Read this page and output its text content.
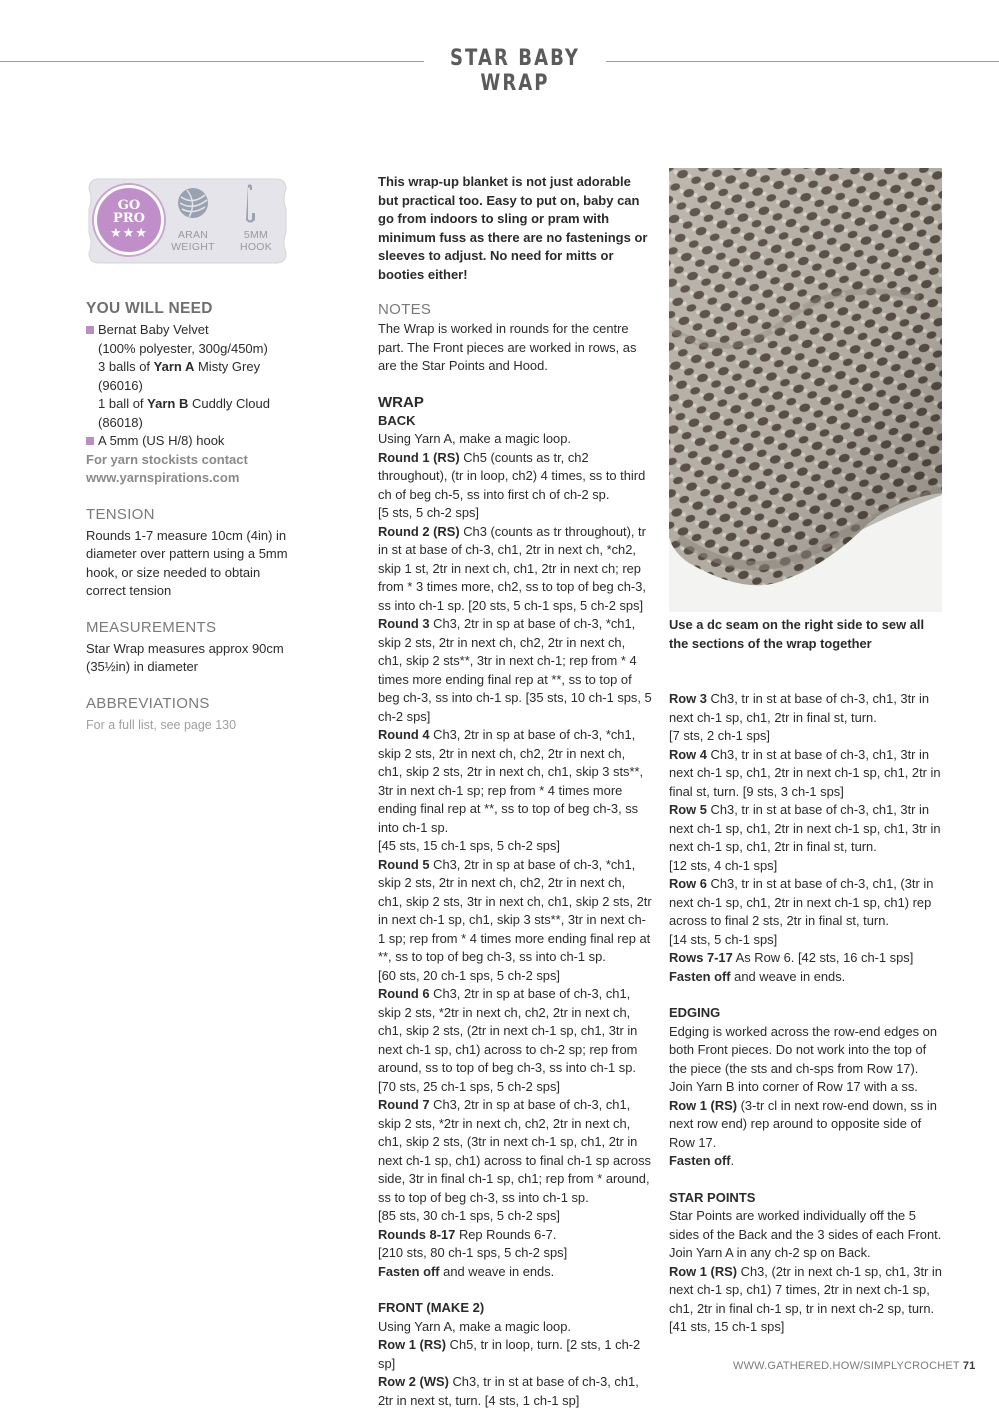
STAR BABY WRAP
GO
PRO
★★★	ARAN
WEIGHT
5MM
HOOK
YOU WILL NEED
Bernat Baby Velvet
(100% polyester, 300g/450m)
3 balls of Yarn A Misty Grey
(96016)
1 ball of Yarn B Cuddly Cloud
(86018)
A 5mm (US H/8) hook
For yarn stockists contact
www.yarnspirations.com
TENSION
Rounds 1-7 measure 10cm (4in) in diameter over pattern using a 5mm hook, or size needed to obtain correct tension
MEASUREMENTS
Star Wrap measures approx 90cm (35½in) in diameter
ABBREVIATIONS
For a full list, see page 130
This wrap-up blanket is not just adorable but practical too. Easy to put on, baby can go from indoors to sling or pram with minimum fuss as there are no fastenings or sleeves to adjust. No need for mitts or booties either!
NOTES
The Wrap is worked in rounds for the centre part. The Front pieces are worked in rows, as are the Star Points and Hood.
WRAP
BACK
Using Yarn A, make a magic loop.
Round 1 (RS) Ch5 (counts as tr, ch2 throughout), (tr in loop, ch2) 4 times, ss to third ch of beg ch-5, ss into first ch of ch-2 sp.
[5 sts, 5 ch-2 sps]
Round 2 (RS) Ch3 (counts as tr throughout), tr in st at base of ch-3, ch1, 2tr in next ch, *ch2, skip 1 st, 2tr in next ch, ch1, 2tr in next ch; rep from * 3 times more, ch2, ss to top of beg ch-3, ss into ch-1 sp. [20 sts, 5 ch-1 sps, 5 ch-2 sps]
Round 3 Ch3, 2tr in sp at base of ch-3, *ch1, skip 2 sts, 2tr in next ch, ch2, 2tr in next ch, ch1, skip 2 sts**, 3tr in next ch-1; rep from * 4 times more ending final rep at **, ss to top of beg ch-3, ss into ch-1 sp. [35 sts, 10 ch-1 sps, 5 ch-2 sps]
Round 4 Ch3, 2tr in sp at base of ch-3, *ch1, skip 2 sts, 2tr in next ch, ch2, 2tr in next ch, ch1, skip 2 sts, 2tr in next ch, ch1, skip 3 sts**, 3tr in next ch-1 sp; rep from * 4 times more ending final rep at **, ss to top of beg ch-3, ss into ch-1 sp.
[45 sts, 15 ch-1 sps, 5 ch-2 sps]
Round 5 Ch3, 2tr in sp at base of ch-3, *ch1, skip 2 sts, 2tr in next ch, ch2, 2tr in next ch, ch1, skip 2 sts, 3tr in next ch, ch1, skip 2 sts, 2tr in next ch-1 sp, ch1, skip 3 sts**, 3tr in next ch-1 sp; rep from * 4 times more ending final rep at **, ss to top of beg ch-3, ss into ch-1 sp.
[60 sts, 20 ch-1 sps, 5 ch-2 sps]
Round 6 Ch3, 2tr in sp at base of ch-3, ch1, skip 2 sts, *2tr in next ch, ch2, 2tr in next ch, ch1, skip 2 sts, (2tr in next ch-1 sp, ch1, 3tr in next ch-1 sp, ch1) across to ch-2 sp; rep from around, ss to top of beg ch-3, ss into ch-1 sp.
[70 sts, 25 ch-1 sps, 5 ch-2 sps]
Round 7 Ch3, 2tr in sp at base of ch-3, ch1, skip 2 sts, *2tr in next ch, ch2, 2tr in next ch, ch1, skip 2 sts, (3tr in next ch-1 sp, ch1, 2tr in next ch-1 sp, ch1) across to final ch-1 sp across side, 3tr in final ch-1 sp, ch1; rep from * around, ss to top of beg ch-3, ss into ch-1 sp.
[85 sts, 30 ch-1 sps, 5 ch-2 sps]
Rounds 8-17 Rep Rounds 6-7.
[210 sts, 80 ch-1 sps, 5 ch-2 sps]
Fasten off and weave in ends.
FRONT (MAKE 2)
Using Yarn A, make a magic loop.
Row 1 (RS) Ch5, tr in loop, turn. [2 sts, 1 ch-2 sp]
Row 2 (WS) Ch3, tr in st at base of ch-3, ch1, 2tr in next st, turn. [4 sts, 1 ch-1 sp]
Use a dc seam on the right side to sew all the sections of the wrap together
Row 3 Ch3, tr in st at base of ch-3, ch1, 3tr in next ch-1 sp, ch1, 2tr in final st, turn.
[7 sts, 2 ch-1 sps]
Row 4 Ch3, tr in st at base of ch-3, ch1, 3tr in next ch-1 sp, ch1, 2tr in next ch-1 sp, ch1, 2tr in final st, turn. [9 sts, 3 ch-1 sps]
Row 5 Ch3, tr in st at base of ch-3, ch1, 3tr in next ch-1 sp, ch1, 2tr in next ch-1 sp, ch1, 3tr in next ch-1 sp, ch1, 2tr in final st, turn.
[12 sts, 4 ch-1 sps]
Row 6 Ch3, tr in st at base of ch-3, ch1, (3tr in next ch-1 sp, ch1, 2tr in next ch-1 sp, ch1) rep across to final 2 sts, 2tr in final st, turn.
[14 sts, 5 ch-1 sps]
Rows 7-17 As Row 6. [42 sts, 16 ch-1 sps]
Fasten off and weave in ends.
EDGING
Edging is worked across the row-end edges on both Front pieces. Do not work into the top of the piece (the sts and ch-sps from Row 17). Join Yarn B into corner of Row 17 with a ss.
Row 1 (RS) (3-tr cl in next row-end down, ss in next row end) rep around to opposite side of Row 17.
Fasten off.
STAR POINTS
Star Points are worked individually off the 5 sides of the Back and the 3 sides of each Front. Join Yarn A in any ch-2 sp on Back.
Row 1 (RS) Ch3, (2tr in next ch-1 sp, ch1, 3tr in next ch-1 sp, ch1) 7 times, 2tr in next ch-1 sp, ch1, 2tr in final ch-1 sp, tr in next ch-2 sp, turn.
[41 sts, 15 ch-1 sps]
WWW.GATHERED.HOW/SIMPLYCROCHET 71
